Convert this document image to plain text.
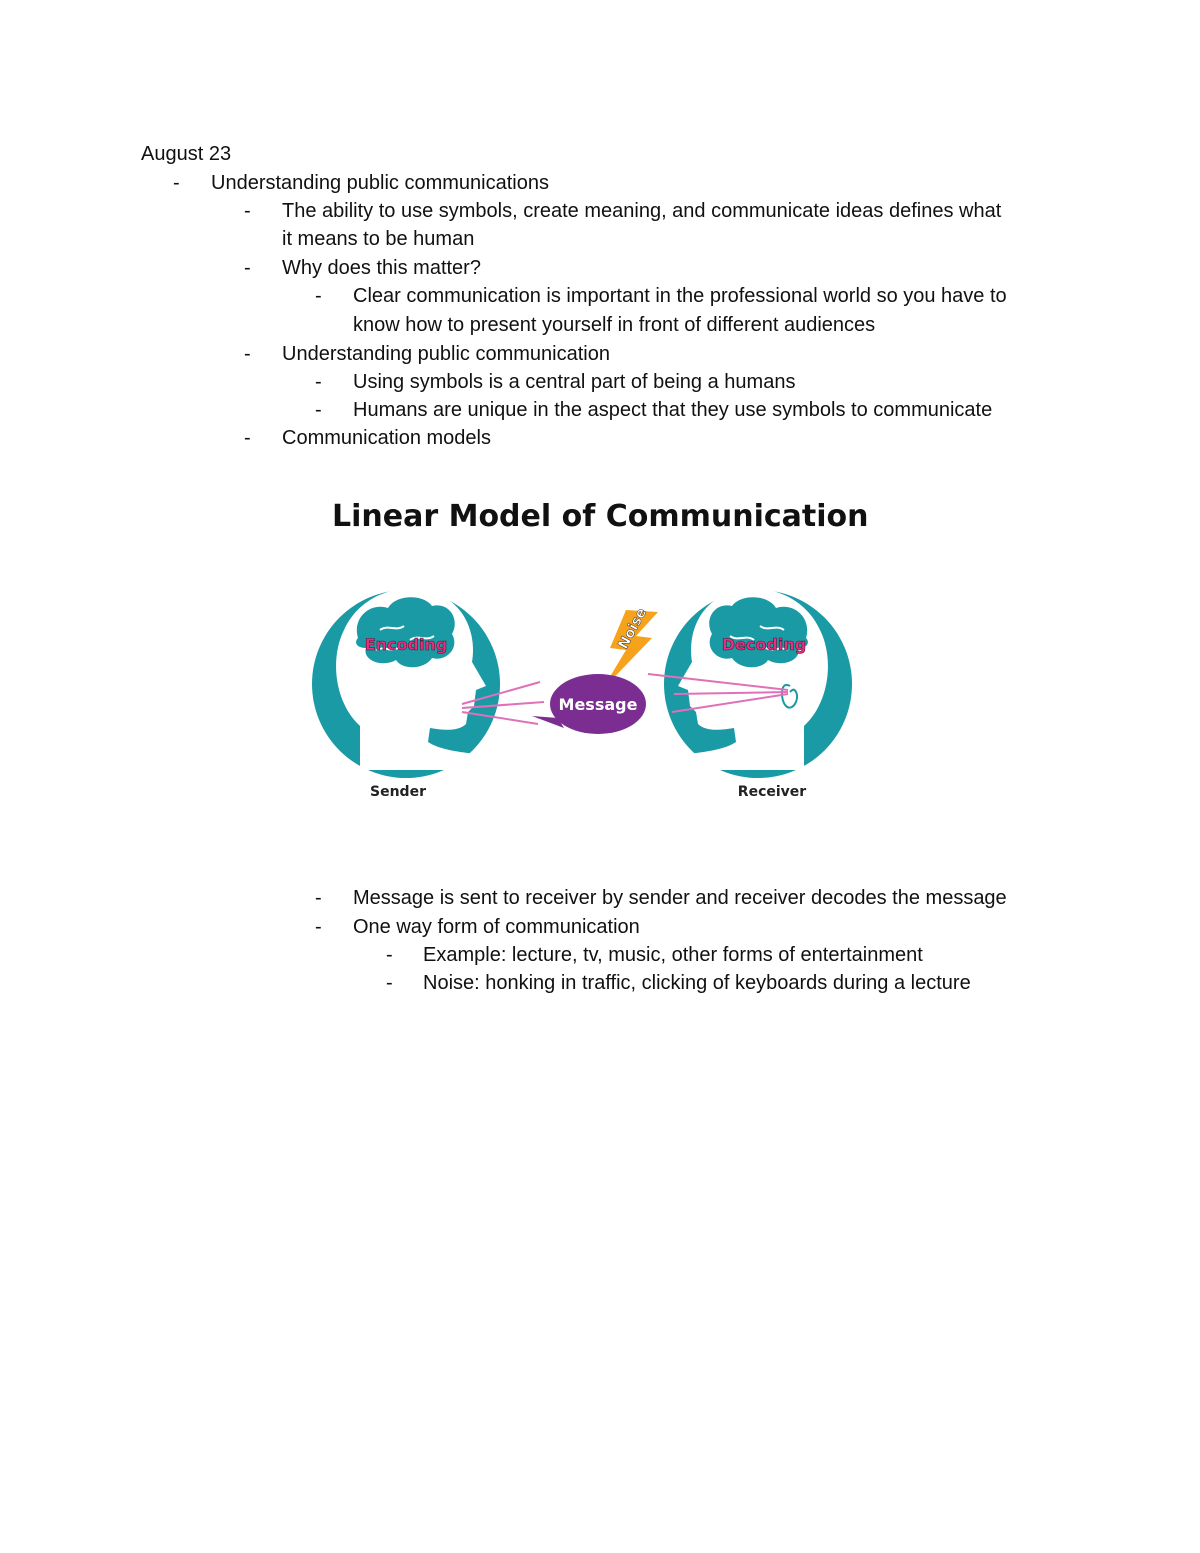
August 23

- Understanding public communications

- The ability to use symbols, create meaning, and communicate ideas defines what

it means to be human

- Why does this matter?

- Clear communication is important in the professional world so you have to

know how to present yourself in front of different audiences

- Understanding public communication

- Using symbols is a central part of being a humans

- Humans are unique in the aspect that they use symbols to communicate

- Communication models

Linear Model of Communication
Encoding	Decoding
Noise
Message
Sender	Receiver
- Message is sent to receiver by sender and receiver decodes the message

- One way form of communication

- Example: lecture, tv, music, other forms of entertainment

- Noise: honking in traffic, clicking of keyboards during a lecture
